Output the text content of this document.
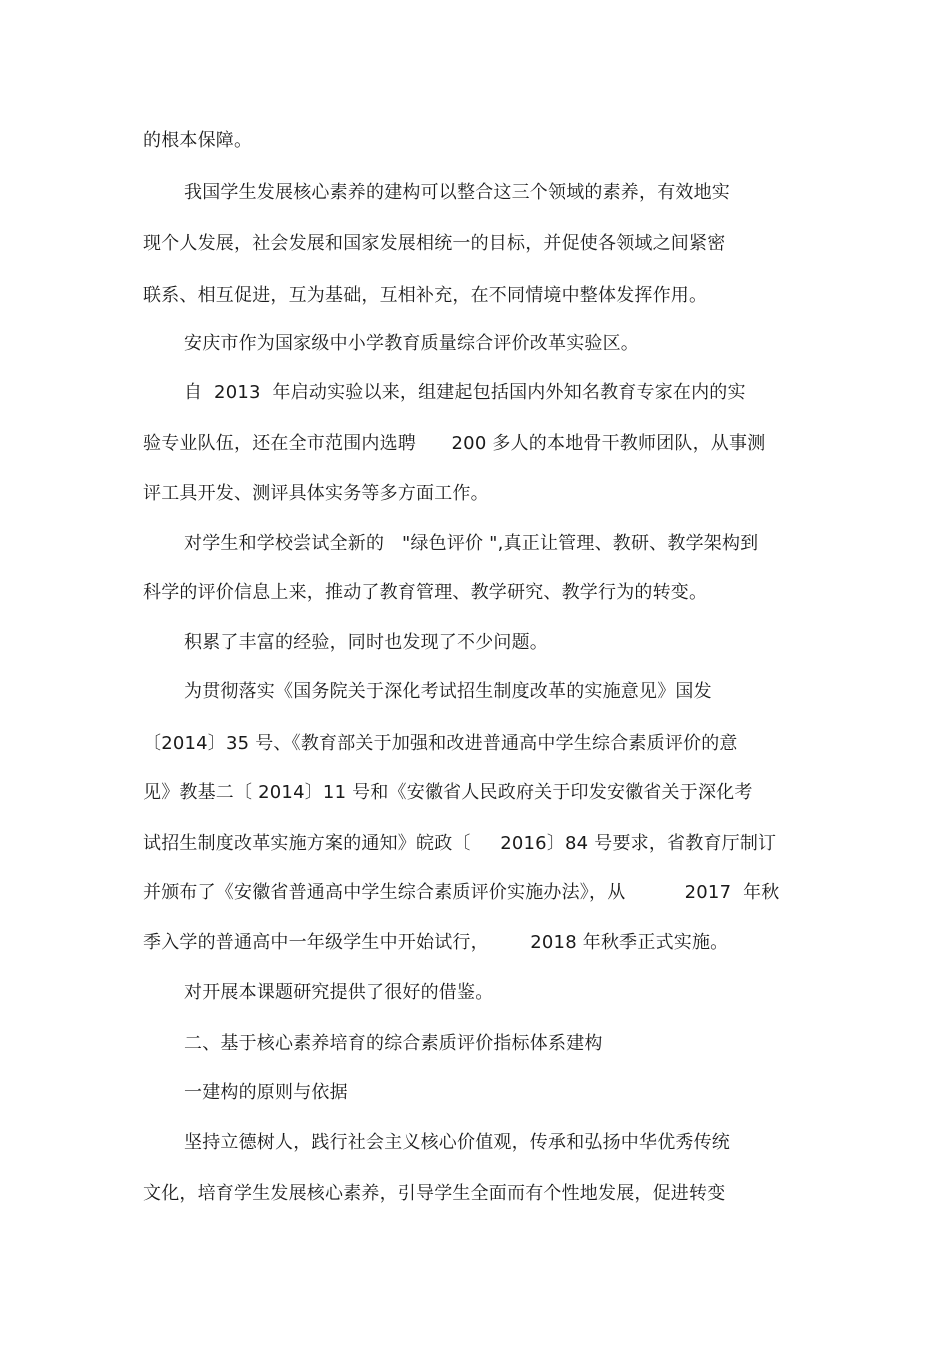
的根本保障。
我国学生发展核心素养的建构可以整合这三个领域的素养，有效地实
现个人发展，社会发展和国家发展相统一的目标，并促使各领域之间紧密
联系、相互促进，互为基础，互相补充，在不同情境中整体发挥作用。
安庆市作为国家级中小学教育质量综合评价改革实验区。
自  2013  年启动实验以来，组建起包括国内外知名教育专家在内的实
验专业队伍，还在全市范围内选聘      200 多人的本地骨干教师团队，从事测
评工具开发、测评具体实务等多方面工作。
对学生和学校尝试全新的   "绿色评价 ",真正让管理、教研、教学架构到
科学的评价信息上来，推动了教育管理、教学研究、教学行为的转变。
积累了丰富的经验，同时也发现了不少问题。
为贯彻落实《国务院关于深化考试招生制度改革的实施意见》国发
〔2014〕35 号、《教育部关于加强和改进普通高中学生综合素质评价的意
见》教基二〔 2014〕11 号和《安徽省人民政府关于印发安徽省关于深化考
试招生制度改革实施方案的通知》皖政〔     2016〕84 号要求，省教育厅制订
并颁布了《安徽省普通高中学生综合素质评价实施办法》，从          2017  年秋
季入学的普通高中一年级学生中开始试行，       2018 年秋季正式实施。
对开展本课题研究提供了很好的借鉴。
二、基于核心素养培育的综合素质评价指标体系建构
一建构的原则与依据
坚持立德树人，践行社会主义核心价值观，传承和弘扬中华优秀传统
文化，培育学生发展核心素养，引导学生全面而有个性地发展，促进转变
